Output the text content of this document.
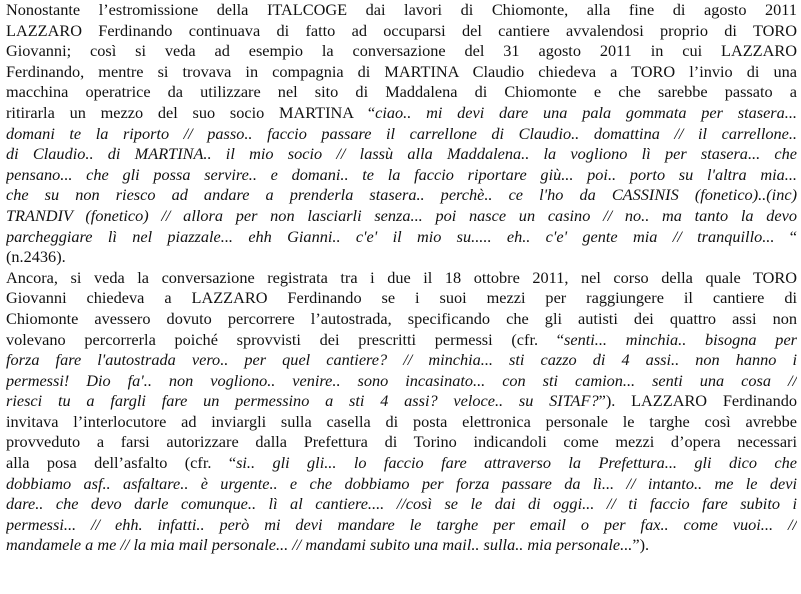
Nonostante l’estromissione della ITALCOGE dai lavori di Chiomonte, alla fine di agosto 2011
LAZZARO Ferdinando continuava di fatto ad occuparsi del cantiere avvalendosi proprio di TORO
Giovanni; così si veda ad esempio la conversazione del 31 agosto 2011 in cui LAZZARO
Ferdinando, mentre si trovava in compagnia di MARTINA Claudio chiedeva a TORO l’invio di una
macchina operatrice da utilizzare nel sito di Maddalena di Chiomonte e che sarebbe passato a
ritirarla un mezzo del suo socio MARTINA “ciao.. mi devi dare una pala gommata per stasera...
domani te la riporto // passo.. faccio passare il carrellone di Claudio.. domattina // il carrellone..
di Claudio.. di MARTINA.. il mio socio // lassù alla Maddalena.. la vogliono lì per stasera... che
pensano... che gli possa servire.. e domani.. te la faccio riportare giù... poi.. porto su l'altra mia...
che su non riesco ad andare a prenderla stasera.. perchè.. ce l'ho da CASSINIS (fonetico)..(inc)
TRANDIV (fonetico) // allora per non lasciarli senza... poi nasce un casino // no.. ma tanto la devo
parcheggiare lì nel piazzale... ehh Gianni.. c'e' il mio su..... eh.. c'e' gente mia // tranquillo... “
(n.2436).
Ancora, si veda la conversazione registrata tra i due il 18 ottobre 2011, nel corso della quale TORO
Giovanni chiedeva a LAZZARO Ferdinando se i suoi mezzi per raggiungere il cantiere di
Chiomonte avessero dovuto percorrere l’autostrada, specificando che gli autisti dei quattro assi non
volevano percorrerla poiché sprovvisti dei prescritti permessi (cfr. “senti... minchia.. bisogna per
forza fare l'autostrada vero.. per quel cantiere? // minchia... sti cazzo di 4 assi.. non hanno i
permessi! Dio fa'.. non vogliono.. venire.. sono incasinato... con sti camion... senti una cosa //
riesci tu a fargli fare un permessino a sti 4 assi? veloce.. su SITAF?”). LAZZARO Ferdinando
invitava l’interlocutore ad inviargli sulla casella di posta elettronica personale le targhe così avrebbe
provveduto a farsi autorizzare dalla Prefettura di Torino indicandoli come mezzi d’opera necessari
alla posa dell’asfalto (cfr. “si.. gli gli... lo faccio fare attraverso la Prefettura... gli dico che
dobbiamo asf.. asfaltare.. è urgente.. e che dobbiamo per forza passare da lì... // intanto.. me le devi
dare.. che devo darle comunque.. lì al cantiere.... //così se le dai di oggi... // ti faccio fare subito i
permessi... // ehh. infatti.. però mi devi mandare le targhe per email o per fax.. come vuoi... //
mandamele a me // la mia mail personale... // mandami subito una mail.. sulla.. mia personale...”).
